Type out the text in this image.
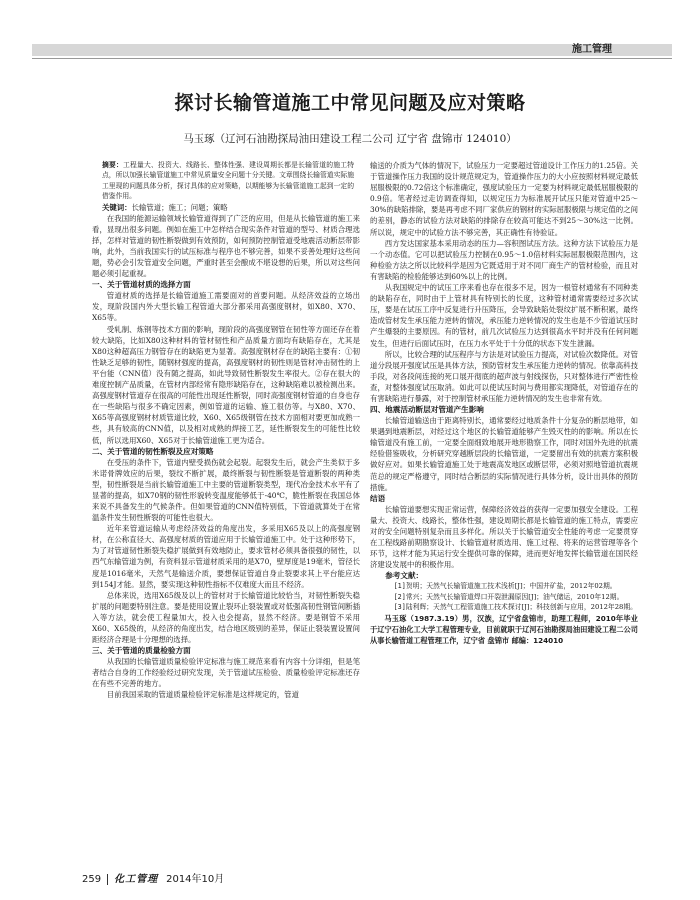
施工管理
探讨长输管道施工中常见问题及应对策略
马玉琢（辽河石油勘探局油田建设工程二公司 辽宁省 盘锦市 124010）

摘要：工程量大、投资大、线路长、整体性强、建设周期长都是长输管道的施工特点，所以加强长输管道施工中常见质量安全问题十分关键。文章围绕长输管道实际施工里现的问题具体分析，探讨具体的应对策略，以期能够为长输管道施工起到一定的借鉴作用。

关键词：长输管道；施工；问题；策略

在我国的能源运输领域长输管道得到了广泛的应用，但是从长输管道的施工来看，显现出很多问题。例如在施工中怎样结合现实条件对管道的型号、材质合理选择，怎样对管道的韧性断裂做到有效预防，如何预防控制管道受地震活动断层带影响，此外，当前我国实行的试压标准与程序也不够完善，如果不妥善处理好这些问题，势必会引发管道安全问题，严重时甚至会酿成不堪设想的后果，所以对这些问题必须引起重视。

一、关于管道材质的选择方面

管道材质的选择是长输管道施工需要面对的首要问题。从经济效益的立场出发，现阶段国内外大型长输工程管道大部分都采用高强度钢材，如X80、X70、X65等。

受轧制、炼钢等技术方面的影响，现阶段的高强度钢管在韧性等方面还存在着较大缺陷，比如X80这种材料的管材韧性和产品质量方面均有缺陷存在，尤其是X80这种超高压力钢管存在的缺陷更为显著。高强度钢材存在的缺陷主要有：①韧性缺乏足够的韧性，随钢材强度的提高，高强度钢材的韧性则是管材冲击韧性的上平台能（CNN值）没有随之提高，如此导致韧性断裂发生率很大。②存在很大的难度控制产品质量，在管材内部经常有隐形缺陷存在，这种缺陷难以被检测出来。高强度钢材管道存在很高的可能性出现延性断裂，同时高强度钢材管道的自身也存在一些缺陷与很多不确定因素，例如管道的运输、施工很仿等。与X80、X70、X65等高强度钢材材质管道比较，X60、X65级钢管在技术方面相对要更加成熟一些，具有较高的CNN值，以及相对成熟的焊接工艺，延性断裂发生的可能性比较低，所以选用X60、X65对于长输管道施工更为适合。

二、关于管道的韧性断裂及应对策略

在受压的条件下，管道内壁受损伤就会起裂。起裂发生后，就会产生类似于多米诺骨牌效应的后果，裂纹不断扩展，最终断裂与韧性断裂是管道断裂的两种类型，韧性断裂是当前长输管道施工中主要的管道断裂类型，现代冶金技术水平有了显著的提高，如X70钢的韧性形貌转变温度能够低于-40℃，脆性断裂在我国总体来说不具备发生的气候条件。但如果管道的CNN值特别低，下管道就算处于在常温条件发生韧性断裂的可能性也很大。

近年来管道运输从考虑经济效益的角度出发，多采用X65及以上的高强度钢材，在公称直径大、高强度材质的管道应用于长输管道施工中。处于这种形势下，为了对管道韧性断裂失稳扩展做到有效地防止，要求管材必须具备很强的韧性，以西气东输管道为例，有资料显示管道材质采用的是X70，壁厚度是19毫米，管径长度是1016毫米，天然气是输送介质，要想保证管道自身止裂要求其上平台能应达到154J才能。显然，要实现这种韧性指标不仅难度大而且不经济。

总体来说，选用X65级及以上的管材对于长输管道比较恰当，对韧性断裂失稳扩展的问题要特别注意。要是使用设置止裂环止裂装置或对低强高韧性钢管间断插入等方法，就会使工程量加大，投入也会提高，显然不经济。要是钢管不采用X60、X65级的，从经济的角度出发，结合地区级别的差异，保证止裂装置设置间距经济合理是十分理想的选择。

三、关于管道的质量检验方面

从我国的长输管道质量检验评定标准与施工规范来看有内容十分详细，但是笔者结合自身的工作经验经过研究发现，关于管道试压检验、质量检验评定标准还存在有些不完善的地方。

目前我国采取的管道质量检验评定标准是这样规定的，管道

输送的介质为气体的情况下，试验压力一定要超过管道设计工作压力的1.25倍。关于管道操作压力我国的设计规范规定为，管道操作压力的大小应按照材料规定最低屈服极限的0.72倍这个标准确定，强度试验压力一定要为材料规定最低屈服极限的0.9倍。笔者经过走访调查得知，以规定压力为标准展开试压只能对管道中25～30%的缺陷排除，要是再考虑不同厂家供应的钢材的实际屈服极限与规定值的之间的差别，静态的试验方法对缺陷的排除存在较高可能达不到25～30%这一比例。所以说，规定中的试验方法不够完善，其正确性有待验证。

西方发达国家基本采用动态的压力—容积图试压方法。这种方法下试验压力是一个动态值。它可以把试验压力控制在0.95～1.0倍材料实际屈服极限范围内，这种检验方法之所以比较科学是因为它既适用于对不同厂商生产的管材检验，而且对有害缺陷的检验能够达到60%以上的比例。

从我国规定中的试压工序来看也存在很多不足，因为一根管材通常有不同种类的缺陷存在，同时由于上管材具有特别长的长度，这种管材通常需要经过多次试压，要是在试压工序中反复进行升压降压，会导致缺陷处裂纹扩展不断积累，最终造成管材发生承压能力逆转的情况，承压能力逆转情况的发生也是不少管道试压时产生爆裂的主要原因。有的管材，前几次试验压力达到很高水平时并没有任何问题发生，但进行后面试压时，在压力水平处于十分低的状态下发生泄漏。

所以，比较合理的试压程序与方法是对试验压力提高，对试验次数降低。对管道分段展开强度试压是具体方法，预防管材发生承压能力逆转的情况。依靠高科技手段，对各段间连接的死口展开彻底的超声波与射线探伤，只对整体进行严密性检查，对整体强度试压取消。如此可以使试压时间与费用都实现降低，对管道存在的有害缺陷进行暴露，对于控制管材承压能力逆转情况的发生也非常有效。

四、地震活动断层对管道产生影响

长输管道输送由于距离特别长，通常要经过地质条件十分复杂的断层地带，如果遇到地震断层，对经过这个地区的长输管道能够产生毁灭性的的影响。所以在长输管道没有施工前，一定要全面细致地展开地形勘察工作，同时对国外先进的抗震经验借鉴吸收，分析研究穿越断层段的长输管道，一定要留出有效的抗震方案积极做好应对。如果长输管道施工处于地震高发地区或断层带，必须对照地管道抗震规范总的规定严格遵守，同时结合断层的实际情况进行具体分析，设计出具体的预防措施。

结语

长输管道要想实现正常运营，保障经济效益的获得一定要加强安全建设。工程量大、投资大、线路长，整体性强，建设周期长都是长输管道的施工特点，需要应对的安全问题特别复杂而且多样化。所以关于长输管道安全性能的考虑一定要贯穿在工程线路前期勘察设计、长输管道材质选用、施工过程、将来的运营管理等各个环节，这样才能为其运行安全提供可靠的保障，进而更好地发挥长输管道在国民经济建设发展中的积极作用。

参考文献：

[1]贺明；天然气长输管道施工技术浅析[J]；中国井矿盐，2012年02期。

[2]常兴；天然气长输管道焊口开裂泄漏原因[J]；油气储运，2010年12期。

[3]陆利辉；天然气工程管道施工技术探讨[J]；科技创新与应用，2012年28期。

马玉琢（1987.3.19）男，汉族，辽宁省盘锦市，助理工程师，2010年毕业于辽宁石油化工大学工程管理专业，目前就职于辽河石油勘探局油田建设工程二公司从事长输管道工程管理工作，辽宁省 盘锦市 邮编：124010

259 化工管理 2014年10月
